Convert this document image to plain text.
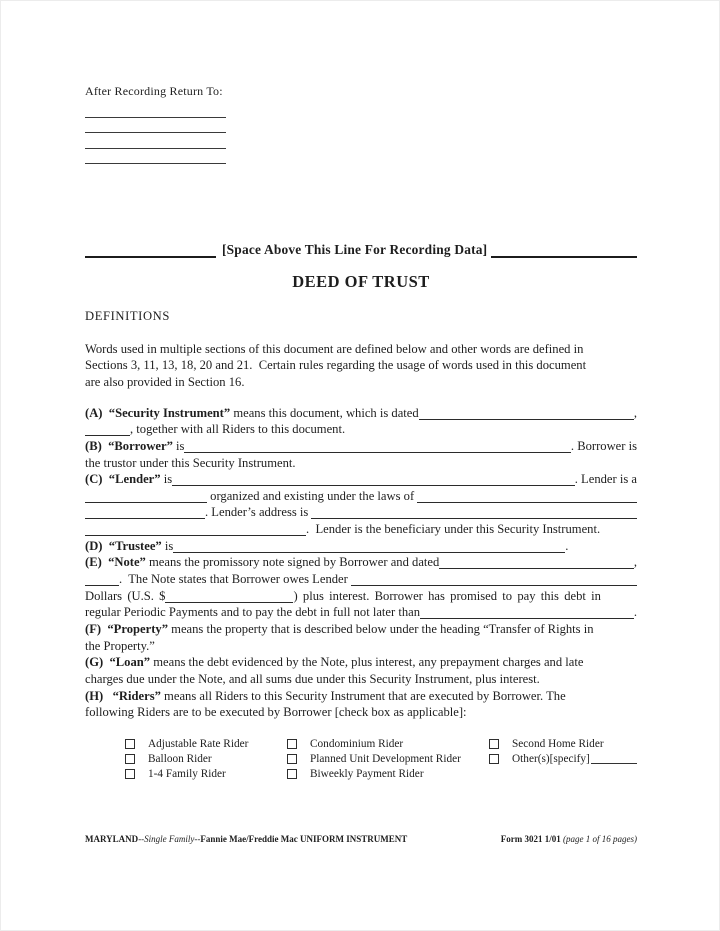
After Recording Return To:
[Space Above This Line For Recording Data]
DEED OF TRUST
DEFINITIONS
Words used in multiple sections of this document are defined below and other words are defined in
Sections 3, 11, 13, 18, 20 and 21.  Certain rules regarding the usage of words used in this document
are also provided in Section 16.
(A)  “Security Instrument” means this document, which is dated	,
, together with all Riders to this document.
(B)  “Borrower” is	. Borrower is
the trustor under this Security Instrument.
(C)  “Lender” is	. Lender is a
organized and existing under the laws of
. Lender’s address is
.  Lender is the beneficiary under this Security Instrument.
(D)  “Trustee” is	.
(E)  “Note” means the promissory note signed by Borrower and dated	,
.  The Note states that Borrower owes Lender
Dollars (U.S. $	) plus interest. Borrower has promised to pay this debt in
regular Periodic Payments and to pay the debt in full not later than	.
(F)  “Property” means the property that is described below under the heading “Transfer of Rights in
the Property.”
(G)  “Loan” means the debt evidenced by the Note, plus interest, any prepayment charges and late
charges due under the Note, and all sums due under this Security Instrument, plus interest.
(H)   “Riders” means all Riders to this Security Instrument that are executed by Borrower. The
following Riders are to be executed by Borrower [check box as applicable]:
Adjustable Rate Rider	Condominium Rider	Second Home Rider
Balloon Rider	Planned Unit Development Rider	Other(s)[specify]
1-4 Family Rider	Biweekly Payment Rider
MARYLAND--Single Family--Fannie Mae/Freddie Mac UNIFORM INSTRUMENT	Form 3021 1/01 (page 1 of 16 pages)
